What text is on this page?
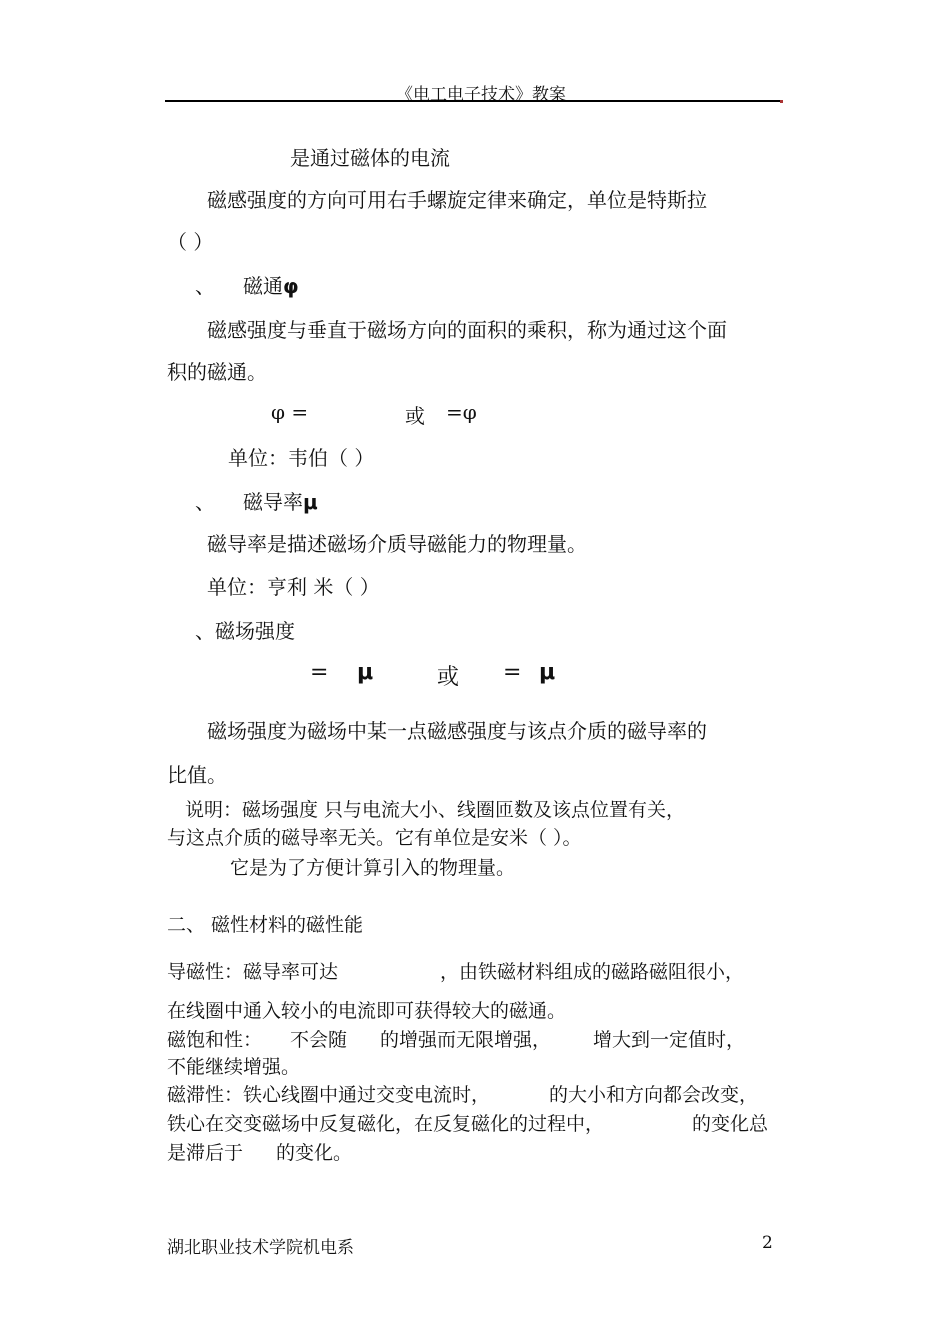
《电工电子技术》教案
是通过磁体的电流
磁感强度的方向可用右手螺旋定律来确定，单位是特斯拉
（ ）
、 磁通φ
磁感强度与垂直于磁场方向的面积的乘积，称为通过这个面
积的磁通。
φ =	或 =φ
单位：韦伯（ ）
、 磁导率μ
磁导率是描述磁场介质导磁能力的物理量。
单位：亨利 米（ ）
、磁场强度
= μ	或 = μ
磁场强度为磁场中某一点磁感强度与该点介质的磁导率的
比值。
说明：磁场强度 只与电流大小、线圈匝数及该点位置有关，
与这点介质的磁导率无关。它有单位是安米（ ）。
它是为了方便计算引入的物理量。
二、 磁性材料的磁性能
导磁性：磁导率可达	，由铁磁材料组成的磁路磁阻很小，
在线圈中通入较小的电流即可获得较大的磁通。
磁饱和性： 不会随 的增强而无限增强， 增大到一定值时，
不能继续增强。
磁滞性：铁心线圈中通过交变电流时，	的大小和方向都会改变，
铁心在交变磁场中反复磁化，在反复磁化的过程中，	的变化总
是滞后于 的变化。
湖北职业技术学院机电系	2
